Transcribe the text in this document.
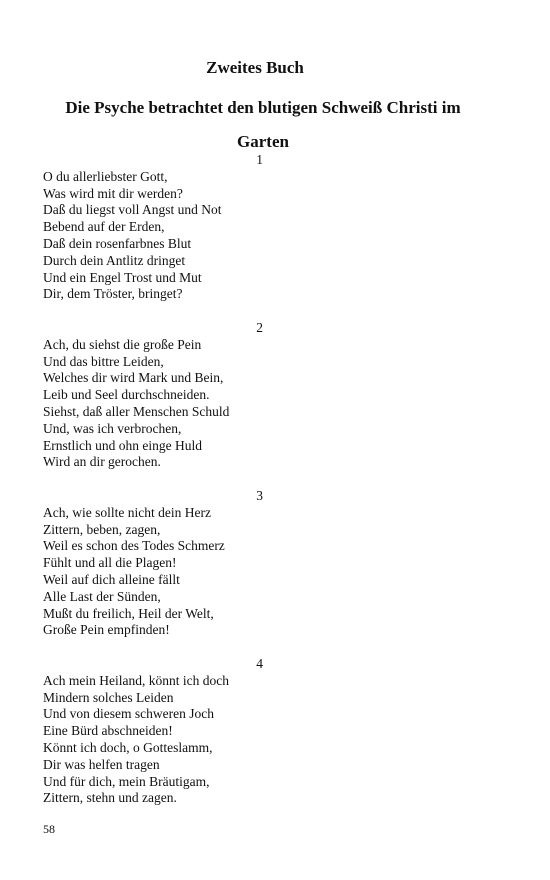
Zweites Buch
Die Psyche betrachtet den blutigen Schweiß Christi im Garten
1
O du allerliebster Gott,
Was wird mit dir werden?
Daß du liegst voll Angst und Not
Bebend auf der Erden,
Daß dein rosenfarbnes Blut
Durch dein Antlitz dringet
Und ein Engel Trost und Mut
Dir, dem Tröster, bringet?
2
Ach, du siehst die große Pein
Und das bittre Leiden,
Welches dir wird Mark und Bein,
Leib und Seel durchschneiden.
Siehst, daß aller Menschen Schuld
Und, was ich verbrochen,
Ernstlich und ohn einge Huld
Wird an dir gerochen.
3
Ach, wie sollte nicht dein Herz
Zittern, beben, zagen,
Weil es schon des Todes Schmerz
Fühlt und all die Plagen!
Weil auf dich alleine fällt
Alle Last der Sünden,
Mußt du freilich, Heil der Welt,
Große Pein empfinden!
4
Ach mein Heiland, könnt ich doch
Mindern solches Leiden
Und von diesem schweren Joch
Eine Bürd abschneiden!
Könnt ich doch, o Gotteslamm,
Dir was helfen tragen
Und für dich, mein Bräutigam,
Zittern, stehn und zagen.
58
